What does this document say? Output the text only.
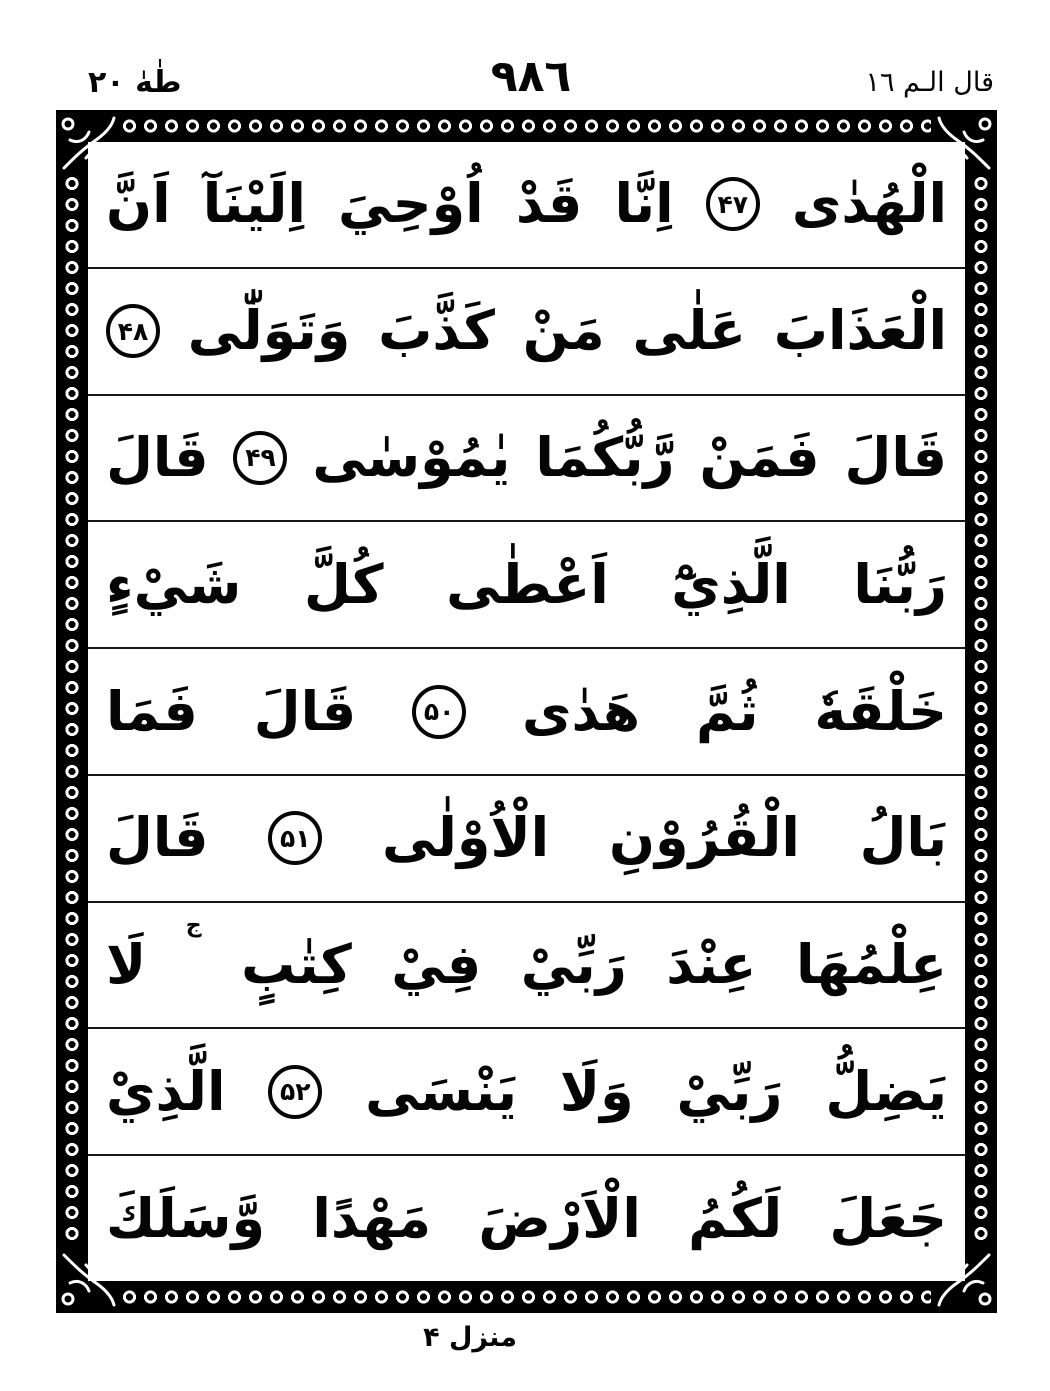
طٰهٰ ٢٠	٩٨٦	قال الـم ١٦
الْهُدٰى
۴۷
اِنَّا
قَدْ
اُوْحِيَ
اِلَيْنَآ
اَنَّ
الْعَذَابَ
عَلٰى
مَنْ
كَذَّبَ
وَتَوَلّٰى
۴۸
قَالَ
فَمَنْ
رَّبُّكُمَا
يٰمُوْسٰى
۴۹
قَالَ
رَبُّنَا
الَّذِيْٓ
اَعْطٰى
كُلَّ
شَيْءٍ
خَلْقَهٗ
ثُمَّ
هَدٰى
۵۰
قَالَ
فَمَا
بَالُ
الْقُرُوْنِ
الْاُوْلٰى
۵۱
قَالَ
عِلْمُهَا
عِنْدَ
رَبِّيْ
فِيْ
كِتٰبٍ
ج
لَا
يَضِلُّ
رَبِّيْ
وَلَا
يَنْسَى
۵۲
الَّذِيْ
جَعَلَ
لَكُمُ
الْاَرْضَ
مَهْدًا
وَّسَلَكَ
منزل ۴
